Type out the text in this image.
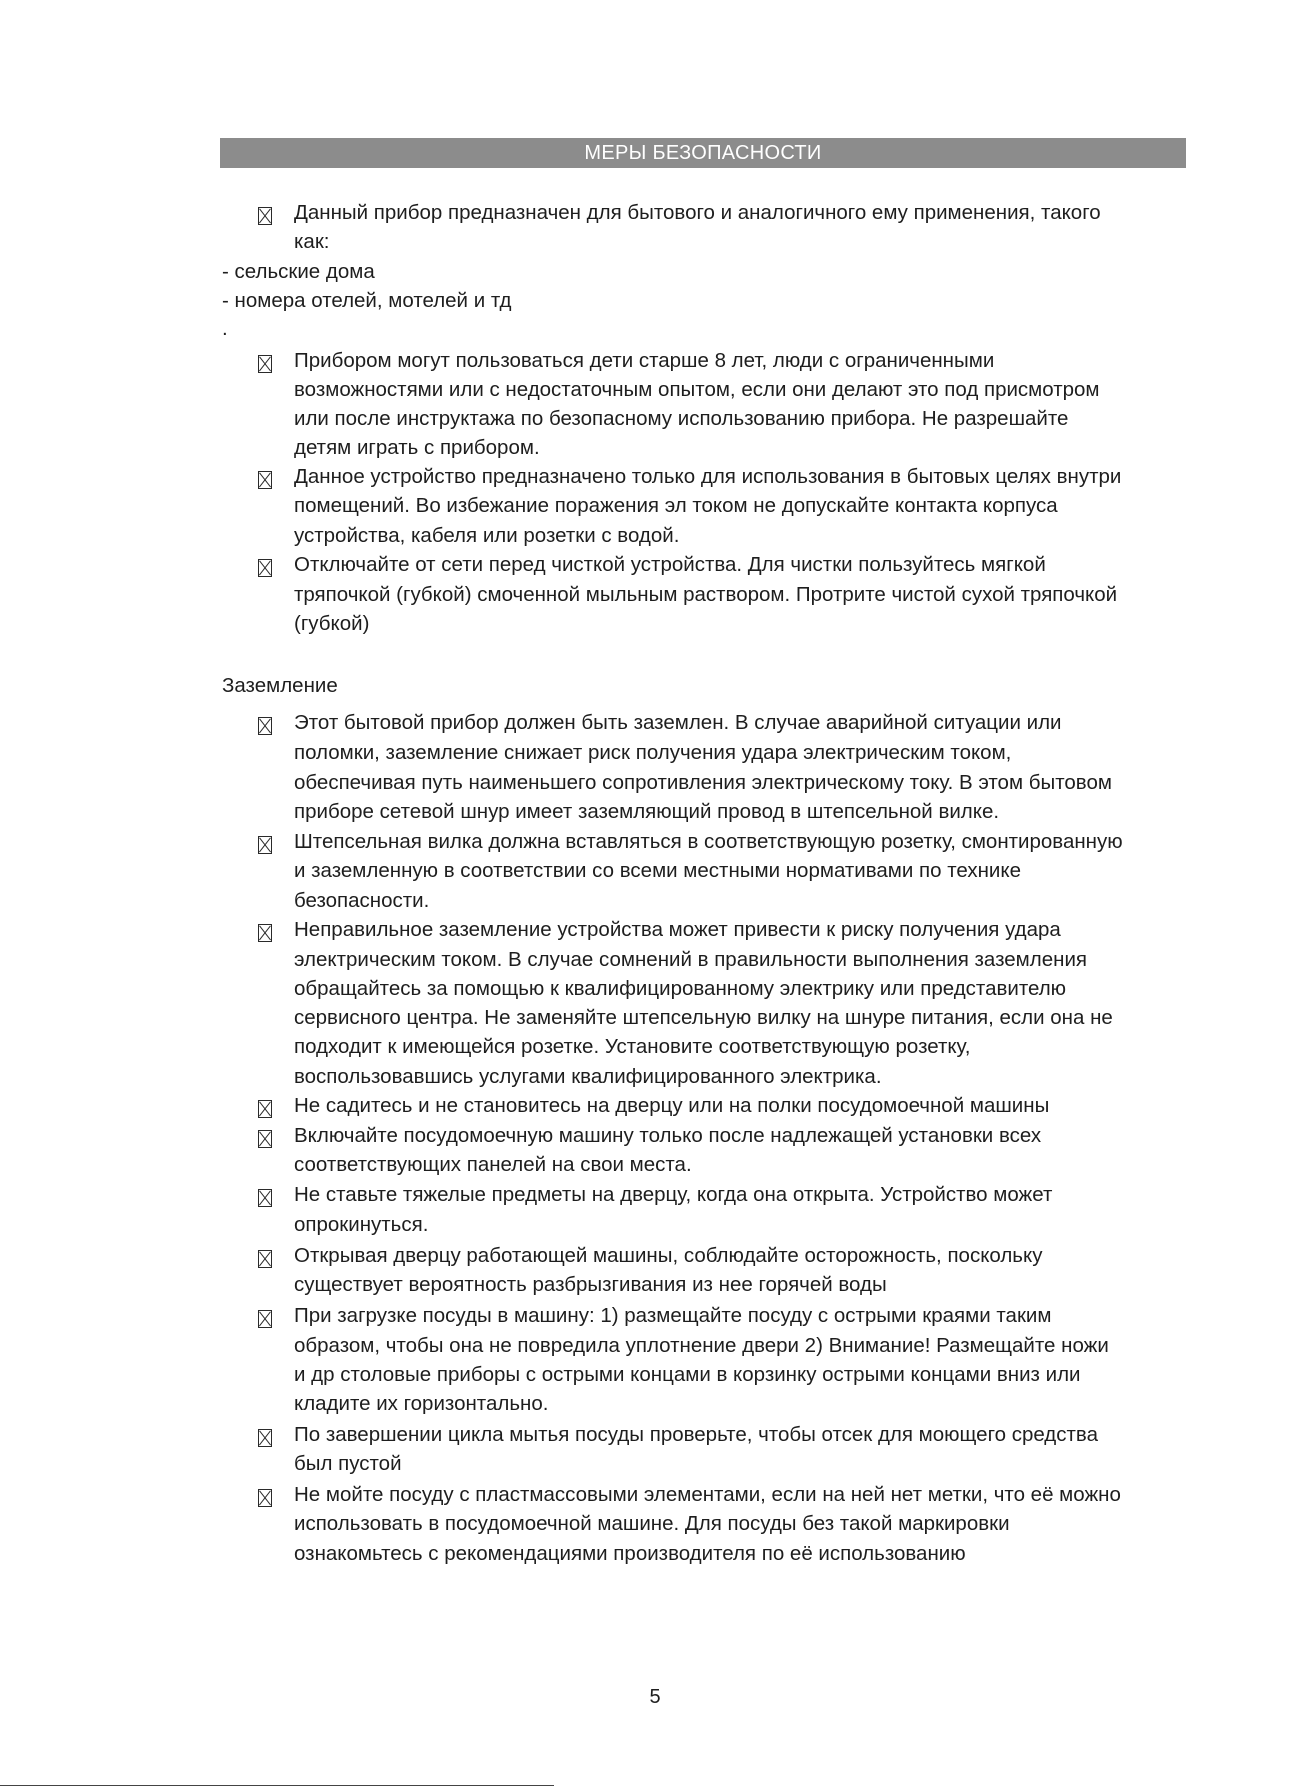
МЕРЫ БЕЗОПАСНОСТИ

Данный прибор предназначен для бытового и аналогичного ему применения, такого

как:

- сельские дома

- номера отелей, мотелей и тд

.

Прибором могут пользоваться дети старше 8 лет, люди с ограниченными

возможностями или с недостаточным опытом, если они делают это под присмотром

или после инструктажа по безопасному использованию прибора. Не разрешайте

детям играть с прибором.

Данное устройство предназначено только для использования в бытовых целях внутри

помещений. Во избежание поражения эл током не допускайте контакта корпуса

устройства, кабеля или розетки с водой.

Отключайте от сети перед чисткой устройства. Для чистки пользуйтесь мягкой

тряпочкой (губкой) смоченной мыльным раствором. Протрите чистой сухой тряпочкой

(губкой)

Заземление

Этот бытовой прибор должен быть заземлен. В случае аварийной ситуации или

поломки, заземление снижает риск получения удара электрическим током,

обеспечивая путь наименьшего сопротивления электрическому току. В этом бытовом

приборе сетевой шнур имеет заземляющий провод в штепсельной вилке.

Штепсельная вилка должна вставляться в соответствующую розетку, смонтированную

и заземленную в соответствии со всеми местными нормативами по технике

безопасности.

Неправильное заземление устройства может привести к риску получения удара

электрическим током. В случае сомнений в правильности выполнения заземления

обращайтесь за помощью к квалифицированному электрику или представителю

сервисного центра. Не заменяйте штепсельную вилку на шнуре питания, если она не

подходит к имеющейся розетке. Установите соответствующую розетку,

воспользовавшись услугами квалифицированного электрика.

Не садитесь и не становитесь на дверцу или на полки посудомоечной машины

Включайте посудомоечную машину только после надлежащей установки всех

соответствующих панелей на свои места.

Не ставьте тяжелые предметы на дверцу, когда она открыта. Устройство может

опрокинуться.

Открывая дверцу работающей машины, соблюдайте осторожность, поскольку

существует вероятность разбрызгивания из нее горячей воды

При загрузке посуды в машину: 1) размещайте посуду с острыми краями таким

образом, чтобы она не повредила уплотнение двери 2) Внимание! Размещайте ножи

и др столовые приборы с острыми концами в корзинку острыми концами вниз или

кладите их горизонтально.

По завершении цикла мытья посуды проверьте, чтобы отсек для моющего средства

был пустой

Не мойте посуду с пластмассовыми элементами, если на ней нет метки, что её можно

использовать в посудомоечной машине. Для посуды без такой маркировки

ознакомьтесь с рекомендациями производителя по её использованию

5
